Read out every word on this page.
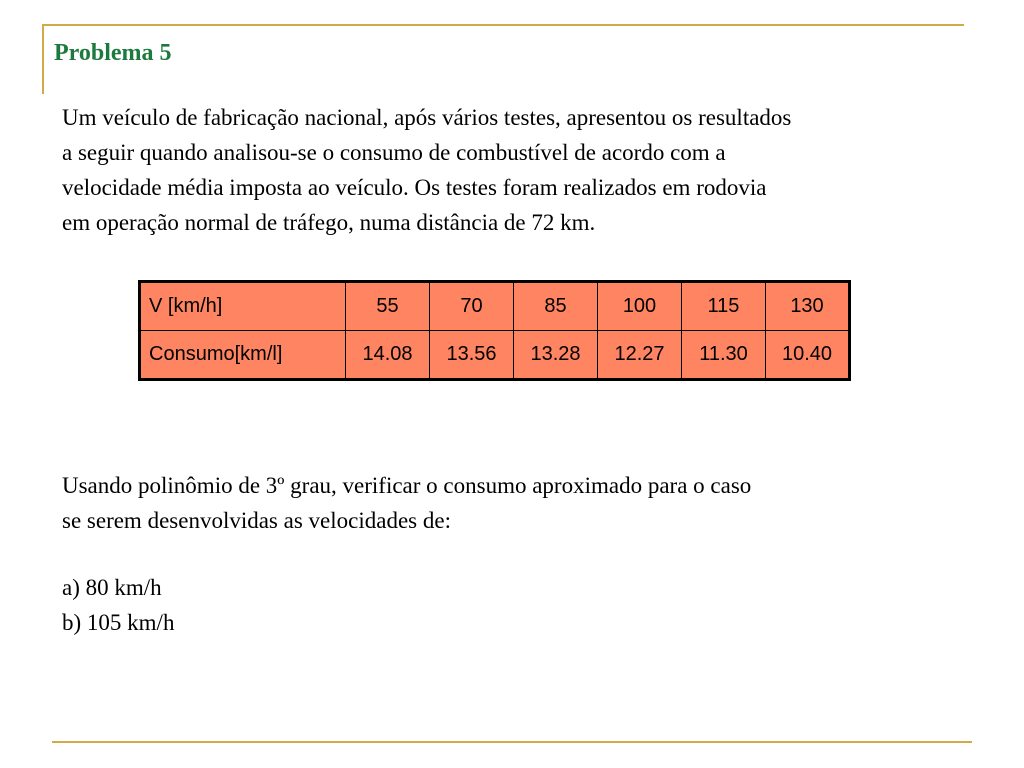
Problema 5

Um veículo de fabricação nacional, após vários testes, apresentou os resultados
a seguir quando analisou-se o consumo de combustível de acordo com a
velocidade média imposta ao veículo. Os testes foram realizados em rodovia
em operação normal de tráfego, numa distância de 72 km.

V [km/h]	55	70	85	100	115	130
Consumo[km/l]	14.08	13.56	13.28	12.27	11.30	10.40

Usando polinômio de 3º grau, verificar o consumo aproximado para o caso
se serem desenvolvidas as velocidades de:

a) 80 km/h

b) 105 km/h
